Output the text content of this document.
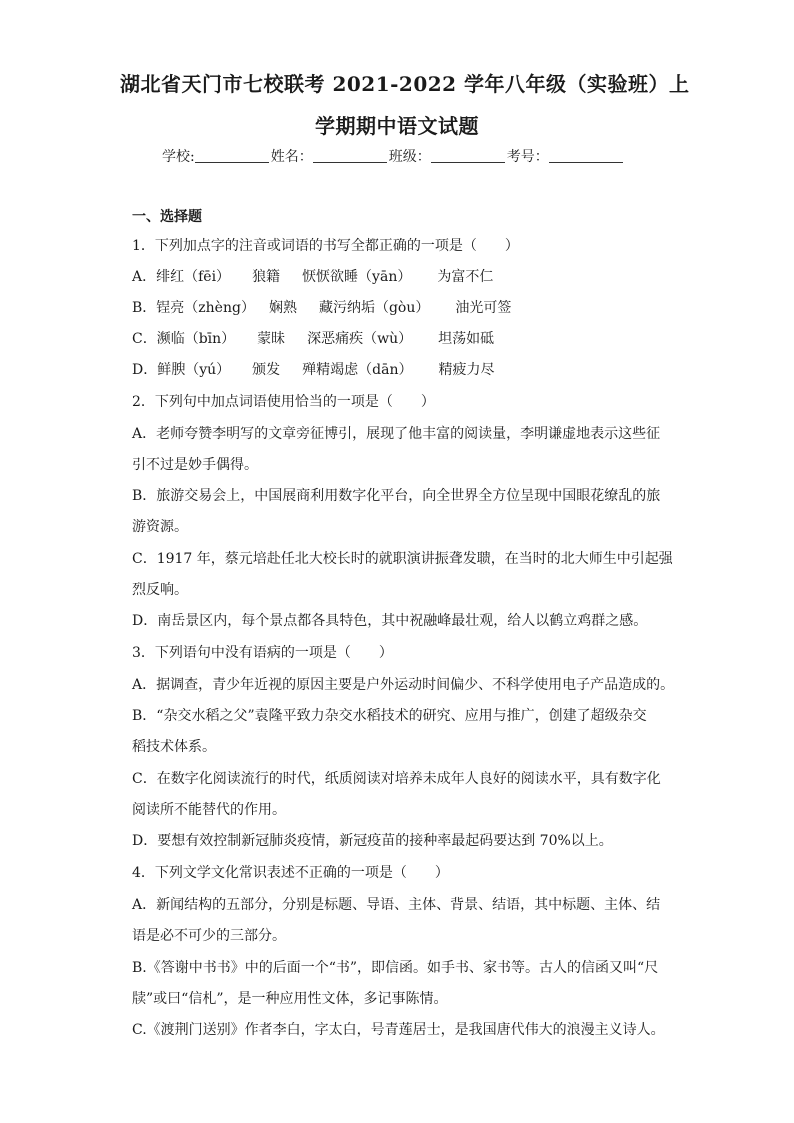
湖北省天门市七校联考 2021-2022 学年八年级（实验班）上
学期期中语文试题
学校:	姓名：	班级：	考号：
一、选择题
1．下列加点字的注音或词语的书写全都正确的一项是（　　）
A．绯红（fēi） 狼籍 恹恹欲睡（yān） 为富不仁
B．锃亮（zhèng） 娴熟 藏污纳垢（gòu） 油光可签
C．濒临（bīn） 蒙昧 深恶痛疾（wù） 坦荡如砥
D．鲜腴（yú） 颁发 殚精竭虑（dān） 精疲力尽
2．下列句中加点词语使用恰当的一项是（　　）
A．老师夸赞李明写的文章旁征博引，展现了他丰富的阅读量，李明谦虚地表示这些征
引不过是妙手偶得。
B．旅游交易会上，中国展商利用数字化平台，向全世界全方位呈现中国眼花缭乱的旅
游资源。
C．1917 年，蔡元培赴任北大校长时的就职演讲振聋发聩，在当时的北大师生中引起强
烈反响。
D．南岳景区内，每个景点都各具特色，其中祝融峰最壮观，给人以鹤立鸡群之感。
3．下列语句中没有语病的一项是（　　）
A．据调查，青少年近视的原因主要是户外运动时间偏少、不科学使用电子产品造成的。
B．“杂交水稻之父”袁隆平致力杂交水稻技术的研究、应用与推广，创建了超级杂交
稻技术体系。
C．在数字化阅读流行的时代，纸质阅读对培养未成年人良好的阅读水平，具有数字化
阅读所不能替代的作用。
D．要想有效控制新冠肺炎疫情，新冠疫苗的接种率最起码要达到 70%以上。
4．下列文学文化常识表述不正确的一项是（　　）
A．新闻结构的五部分，分别是标题、导语、主体、背景、结语，其中标题、主体、结
语是必不可少的三部分。
B.《答谢中书书》中的后面一个“书”，即信函。如手书、家书等。古人的信函又叫“尺
牍”或曰“信札”，是一种应用性文体，多记事陈情。
C.《渡荆门送别》作者李白，字太白，号青莲居士，是我国唐代伟大的浪漫主义诗人。
